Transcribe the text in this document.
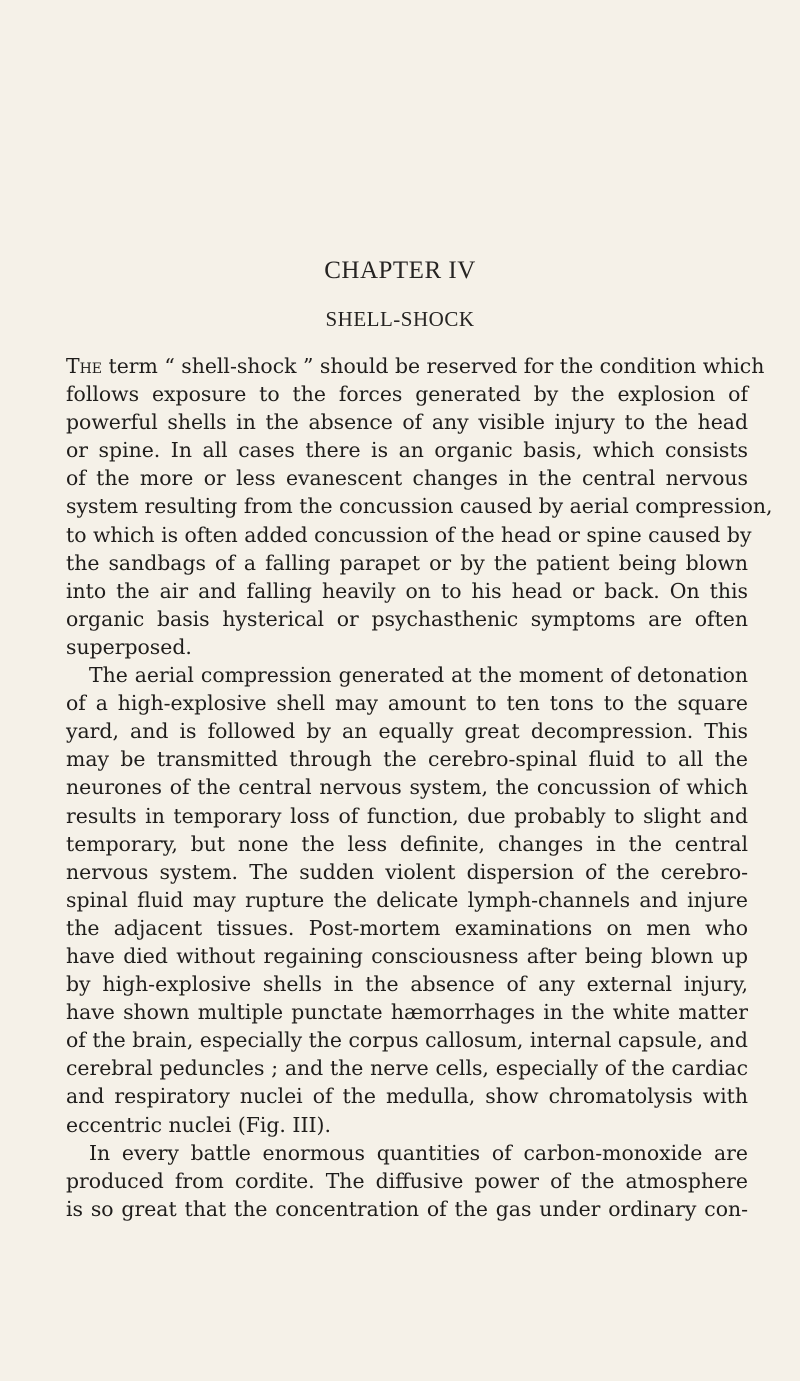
CHAPTER IV
SHELL-SHOCK
The term “ shell-shock ” should be reserved for the condition which
follows exposure to the forces generated by the explosion of
powerful shells in the absence of any visible injury to the head
or spine. In all cases there is an organic basis, which consists
of the more or less evanescent changes in the central nervous
system resulting from the concussion caused by aerial compression,
to which is often added concussion of the head or spine caused by
the sandbags of a falling parapet or by the patient being blown
into the air and falling heavily on to his head or back. On this
organic basis hysterical or psychasthenic symptoms are often
superposed.
The aerial compression generated at the moment of detonation
of a high-explosive shell may amount to ten tons to the square
yard, and is followed by an equally great decompression. This
may be transmitted through the cerebro-spinal fluid to all the
neurones of the central nervous system, the concussion of which
results in temporary loss of function, due probably to slight and
temporary, but none the less definite, changes in the central
nervous system. The sudden violent dispersion of the cerebro-
spinal fluid may rupture the delicate lymph-channels and injure
the adjacent tissues. Post-mortem examinations on men who
have died without regaining consciousness after being blown up
by high-explosive shells in the absence of any external injury,
have shown multiple punctate hæmorrhages in the white matter
of the brain, especially the corpus callosum, internal capsule, and
cerebral peduncles ; and the nerve cells, especially of the cardiac
and respiratory nuclei of the medulla, show chromatolysis with
eccentric nuclei (Fig. III).
In every battle enormous quantities of carbon-monoxide are
produced from cordite. The diffusive power of the atmosphere
is so great that the concentration of the gas under ordinary con-
